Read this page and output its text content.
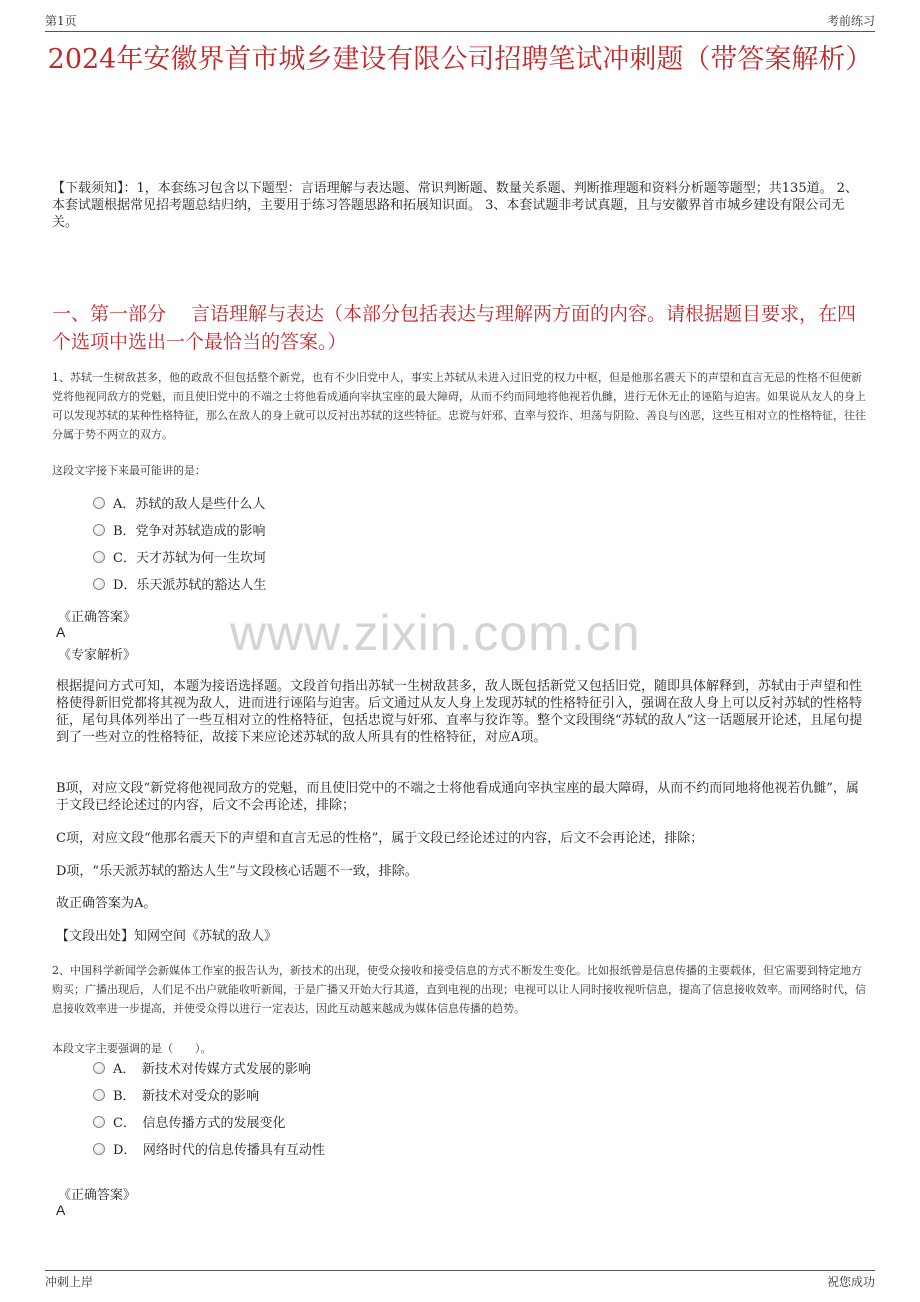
第1页	考前练习
2024年安徽界首市城乡建设有限公司招聘笔试冲刺题（带答案解析）
【下载须知】：1，本套练习包含以下题型：言语理解与表达题、常识判断题、数量关系题、判断推理题和资料分析题等题型；共135道。 2、本套试题根据常见招考题总结归纳，主要用于练习答题思路和拓展知识面。 3、本套试题非考试真题，且与安徽界首市城乡建设有限公司无关。
一、第一部分　 言语理解与表达（本部分包括表达与理解两方面的内容。请根据题目要求，在四个选项中选出一个最恰当的答案。）
1、苏轼一生树敌甚多，他的政敌不但包括整个新党，也有不少旧党中人，事实上苏轼从未进入过旧党的权力中枢，但是他那名震天下的声望和直言无忌的性格不但使新党将他视同敌方的党魁，而且使旧党中的不端之士将他看成通向宰执宝座的最大障碍，从而不约而同地将他视若仇雠，进行无休无止的诬陷与迫害。如果说从友人的身上可以发现苏轼的某种性格特征，那么在敌人的身上就可以反衬出苏轼的这些特征。忠谠与奸邪、直率与狡诈、坦荡与阴险、善良与凶恶，这些互相对立的性格特征，往往分属于势不两立的双方。
这段文字接下来最可能讲的是：
A．苏轼的敌人是些什么人
B．党争对苏轼造成的影响
C．天才苏轼为何一生坎坷
D．乐天派苏轼的豁达人生
《正确答案》
A
《专家解析》 www.zixin.com.cn
根据提问方式可知，本题为接语选择题。文段首句指出苏轼一生树敌甚多，敌人既包括新党又包括旧党，随即具体解释到，苏轼由于声望和性格使得新旧党都将其视为敌人，进而进行诬陷与迫害。后文通过从友人身上发现苏轼的性格特征引入，强调在敌人身上可以反衬苏轼的性格特征，尾句具体列举出了一些互相对立的性格特征，包括忠谠与奸邪、直率与狡诈等。整个文段围绕“苏轼的敌人”这一话题展开论述，且尾句提到了一些对立的性格特征，故接下来应论述苏轼的敌人所具有的性格特征，对应A项。
B项，对应文段“新党将他视同敌方的党魁，而且使旧党中的不端之士将他看成通向宰执宝座的最大障碍，从而不约而同地将他视若仇雠”，属于文段已经论述过的内容，后文不会再论述，排除；
C项，对应文段“他那名震天下的声望和直言无忌的性格”，属于文段已经论述过的内容，后文不会再论述，排除；
D项，“乐天派苏轼的豁达人生”与文段核心话题不一致，排除。
故正确答案为A。
【文段出处】知网空间《苏轼的敌人》
2、中国科学新闻学会新媒体工作室的报告认为，新技术的出现，使受众接收和接受信息的方式不断发生变化。比如报纸曾是信息传播的主要载体，但它需要到特定地方购买；广播出现后，人们足不出户就能收听新闻，于是广播又开始大行其道，直到电视的出现；电视可以让人同时接收视听信息，提高了信息接收效率。而网络时代，信息接收效率进一步提高，并使受众得以进行一定表达，因此互动越来越成为媒体信息传播的趋势。
本段文字主要强调的是（　　）。
A．　新技术对传媒方式发展的影响
B．　新技术对受众的影响
C．　信息传播方式的发展变化
D．　网络时代的信息传播具有互动性
《正确答案》
A
冲刺上岸	祝您成功
